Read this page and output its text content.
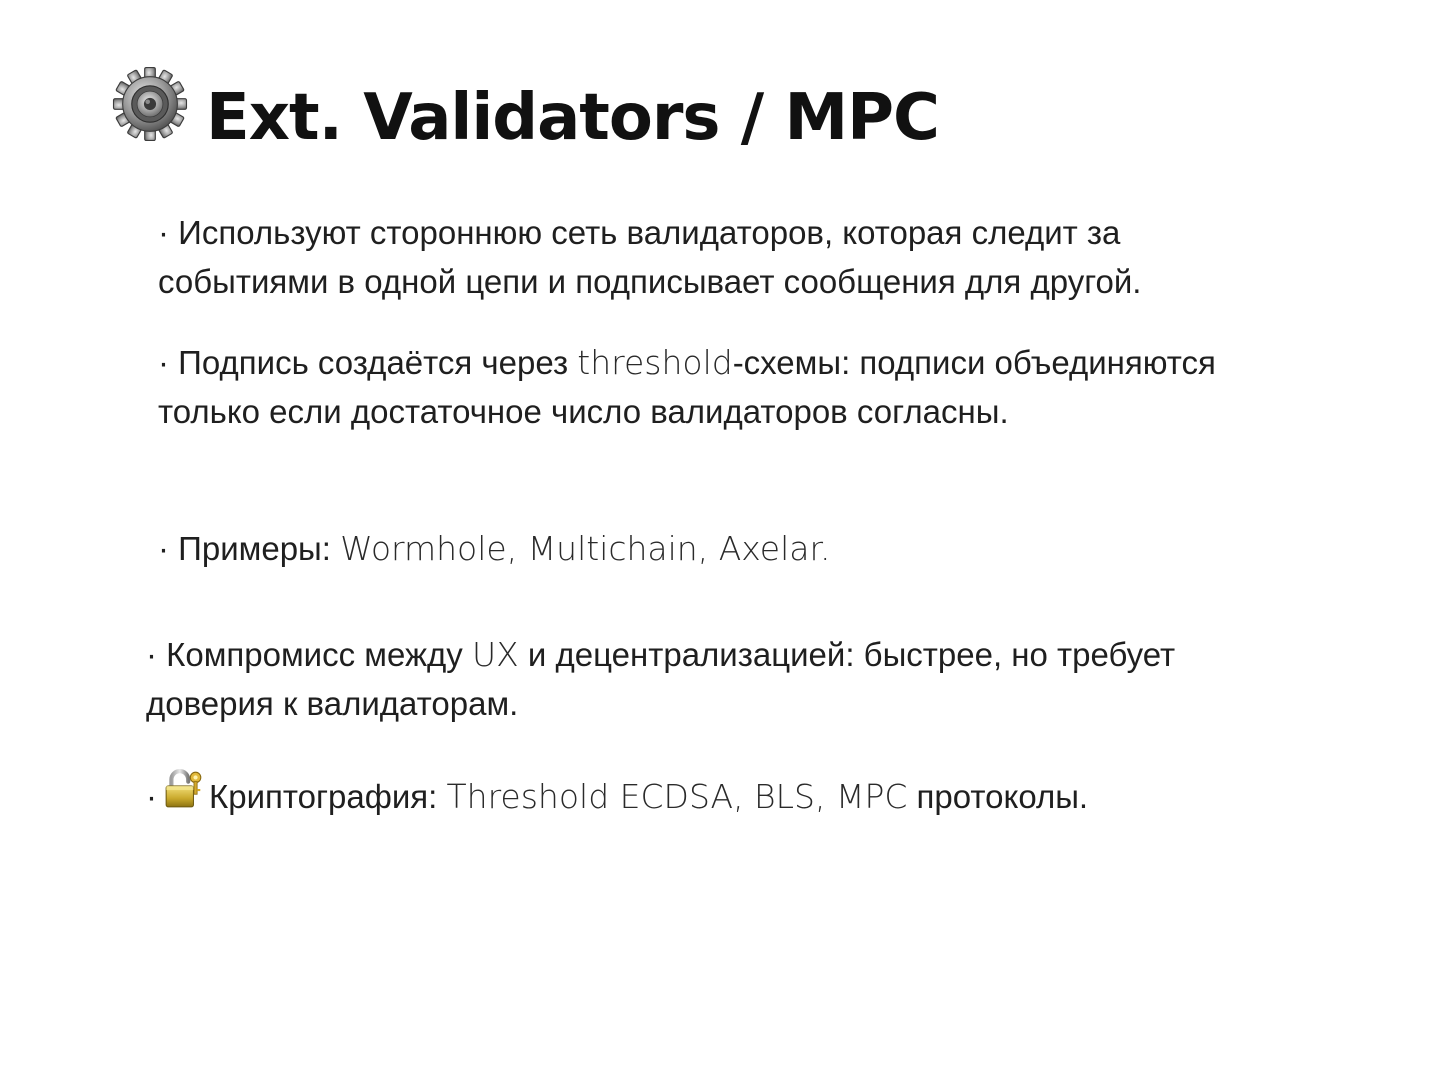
Ext. Validators / MPC
· Используют стороннюю сеть валидаторов, которая следит за событиями в одной цепи и подписывает сообщения для другой.
· Подпись создаётся через threshold-схемы: подписи объединяются только если достаточное число валидаторов согласны.
· Примеры: Wormhole, Multichain, Axelar.
· Компромисс между UX и децентрализацией: быстрее, но требует доверия к валидаторам.
· Криптография: Threshold ECDSA, BLS, MPC протоколы.
